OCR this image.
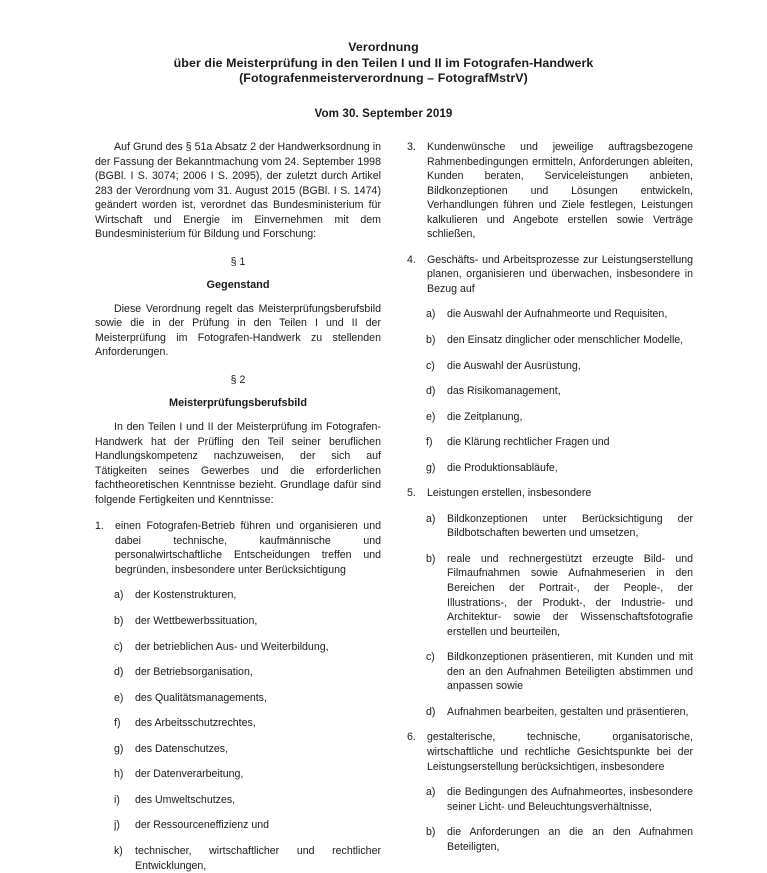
Verordnung
über die Meisterprüfung in den Teilen I und II im Fotografen-Handwerk
(Fotografenmeisterverordnung – FotografMstrV)
Vom 30. September 2019

Auf Grund des § 51a Absatz 2 der Handwerksordnung in der Fassung der Bekanntmachung vom 24. September 1998 (BGBl. I S. 3074; 2006 I S. 2095), der zuletzt durch Artikel 283 der Verordnung vom 31. August 2015 (BGBl. I S. 1474) geändert worden ist, verordnet das Bundesministerium für Wirtschaft und Energie im Einvernehmen mit dem Bundesministerium für Bildung und Forschung:

§ 1
Gegenstand

Diese Verordnung regelt das Meisterprüfungsberufsbild sowie die in der Prüfung in den Teilen I und II der Meisterprüfung im Fotografen-Handwerk zu stellenden Anforderungen.

§ 2
Meisterprüfungsberufsbild

In den Teilen I und II der Meisterprüfung im Fotografen-Handwerk hat der Prüfling den Teil seiner beruflichen Handlungskompetenz nachzuweisen, der sich auf Tätigkeiten seines Gewerbes und die erforderlichen fachtheoretischen Kenntnisse bezieht. Grundlage dafür sind folgende Fertigkeiten und Kenntnisse:

1.	einen Fotografen-Betrieb führen und organisieren und dabei technische, kaufmännische und personalwirtschaftliche Entscheidungen treffen und begründen, insbesondere unter Berücksichtigung
a)	der Kostenstrukturen,
b)	der Wettbewerbssituation,
c)	der betrieblichen Aus- und Weiterbildung,
d)	der Betriebsorganisation,
e)	des Qualitätsmanagements,
f)	des Arbeitsschutzrechtes,
g)	des Datenschutzes,
h)	der Datenverarbeitung,
i)	des Umweltschutzes,
j)	der Ressourceneffizienz und
k)	technischer, wirtschaftlicher und rechtlicher Entwicklungen,
3.	Kundenwünsche und jeweilige auftragsbezogene Rahmenbedingungen ermitteln, Anforderungen ableiten, Kunden beraten, Serviceleistungen anbieten, Bildkonzeptionen und Lösungen entwickeln, Verhandlungen führen und Ziele festlegen, Leistungen kalkulieren und Angebote erstellen sowie Verträge schließen,
4.	Geschäfts- und Arbeitsprozesse zur Leistungserstellung planen, organisieren und überwachen, insbesondere in Bezug auf
a)	die Auswahl der Aufnahmeorte und Requisiten,
b)	den Einsatz dinglicher oder menschlicher Modelle,
c)	die Auswahl der Ausrüstung,
d)	das Risikomanagement,
e)	die Zeitplanung,
f)	die Klärung rechtlicher Fragen und
g)	die Produktionsabläufe,
5.	Leistungen erstellen, insbesondere
a)	Bildkonzeptionen unter Berücksichtigung der Bildbotschaften bewerten und umsetzen,
b)	reale und rechnergestützt erzeugte Bild- und Filmaufnahmen sowie Aufnahmeserien in den Bereichen der Portrait-, der People-, der Illustrations-, der Produkt-, der Industrie- und Architektur- sowie der Wissenschaftsfotografie erstellen und beurteilen,
c)	Bildkonzeptionen präsentieren, mit Kunden und mit den an den Aufnahmen Beteiligten abstimmen und anpassen sowie
d)	Aufnahmen bearbeiten, gestalten und präsentieren,
6.	gestalterische, technische, organisatorische, wirtschaftliche und rechtliche Gesichtspunkte bei der Leistungserstellung berücksichtigen, insbesondere
a)	die Bedingungen des Aufnahmeortes, insbesondere seiner Licht- und Beleuchtungsverhältnisse,
b)	die Anforderungen an die an den Aufnahmen Beteiligten,
